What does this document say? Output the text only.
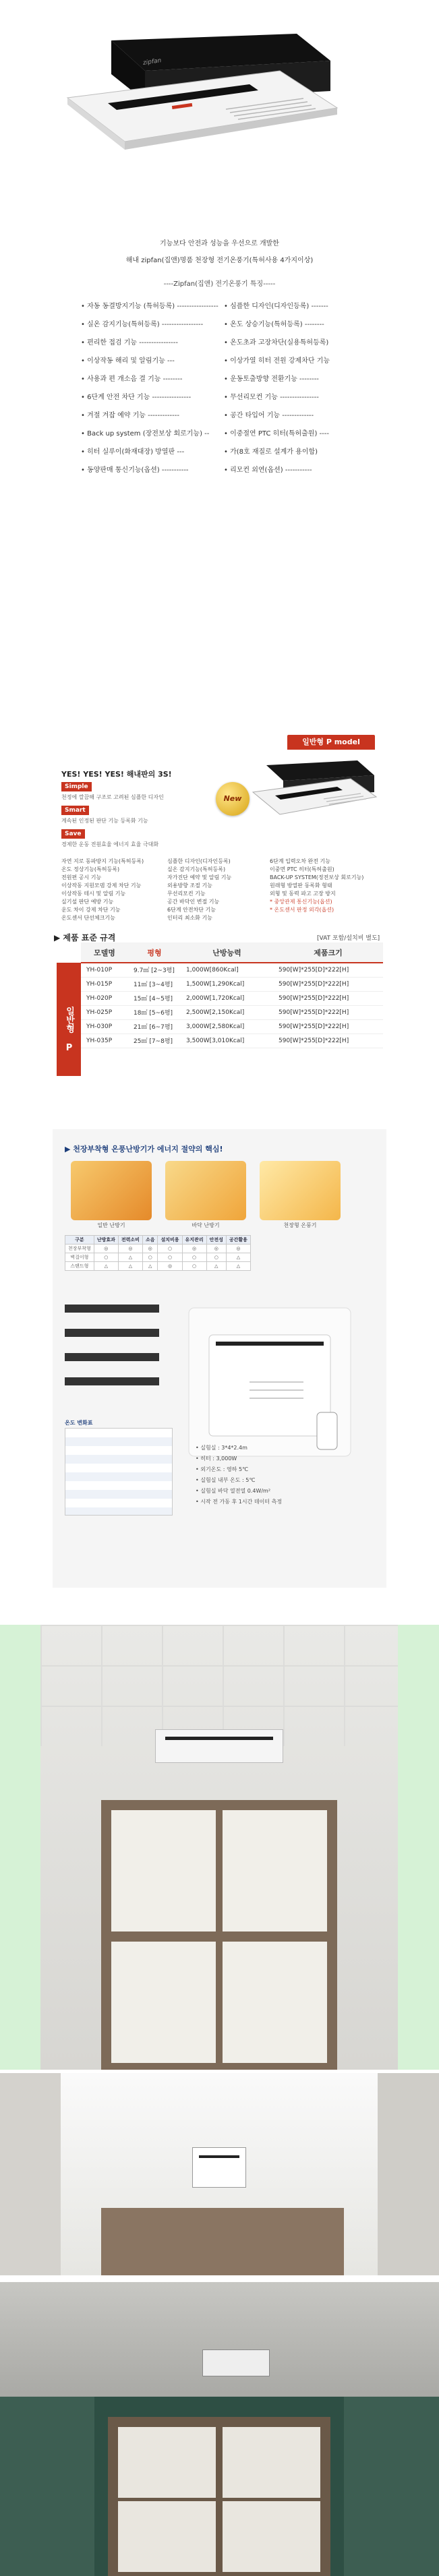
zipfan
기능보다 안전과 성능을 우선으로 개발한
해내 zipfan(집앤)명품 천장형 전기온풍기(특허사용 4가지이상)
----Zipfan(집앤) 전기온풍기 특징-----
• 자동 동결방지기능 (특허등록) ----------------- • 심플한 디자인(디자인등록) -------
• 실온 감지기능(특허등록) -----------------	• 온도 상승기능(특허등록) --------
• 편리한 접검 기능 ----------------	• 온도초과 고장차단(실용특허등록)
• 이상작동 해리 및 알림기능 ---	• 이상가열 히터 전원 강제차단 기능
• 사용과 편 개소음 결 기능 --------	• 운동토출방향 전환기능 --------
• 6단계 안전 차단 기능 ----------------	• 무선리모컨 기능 ----------------
• 겨절 겨잡 예약 기능 -------------	• 공간 타입어 기능 -------------
• Back up system (장전보상 회로기능) -- • 이중절연 PTC 히터(특허출원) ----
• 히터 실루이(화재대장) 방열판 ---	• 가(8호 재질로 설계가 용이함)
• 동양판매 통신기능(옵션) -----------	• 리모컨 외연(옵션) -----------
일반형 P model
New
YES! YES! YES! 해내판의 3S!
Simple
천정에 깔끔해 구조로 고려된 심플한 디자인
Smart
계속된 인정된 판단 기능 등록화 기능
Save
경제한 운동 전원효율 에너지 효율 극대화
자연 지로 동파방지 기능(특허등록)
온도 정상기능(특허등록)
전원편 공시 기능
이상작동 지원모뎀 강제 차단 기능
이상작동 테시 및 알림 기능
실기설 판단 예방 기능
운도 차이 강제 차단 기능
온도센서 단선체크기능
심플한 디자인(디자인등록)
실온 감지기능(특허등록)
자가진단 예약 및 알림 기능
외용방향 조절 기능
무선리모컨 기능
공간 바닥인 변절 기능
6단계 안전차단 기능
인터리 최소화 기능
6단계 입력오차 완전 기능
이중면 PTC 히터(특허출원)
BACK-UP SYSTEM(정전보상 회로기능)
원래형 방열판 동록화 형태
외형 및 동력 파고 고장 방지
* 중앙관제 통신기능(옵션)
* 온도센서 판정 외각(옵션)
▶ 제품 표준 규격	[VAT 포함/설치비 별도]
	모델명	평형	난방능력	제품크기
	YH-010P	9.7㎡ [2~3평]	1,000W[860Kcal]	590[W]*255[D]*222[H]
	YH-015P	11㎡ [3~4평]	1,500W[1,290Kcal]	590[W]*255[D]*222[H]
	YH-020P	15㎡ [4~5평]	2,000W[1,720Kcal]	590[W]*255[D]*222[H]
	YH-025P	18㎡ [5~6평]	2,500W[2,150Kcal]	590[W]*255[D]*222[H]
	YH-030P	21㎡ [6~7평]	3,000W[2,580Kcal]	590[W]*255[D]*222[H]
	YH-035P	25㎡ [7~8평]	3,500W[3,010Kcal]	590[W]*255[D]*222[H]
일반형 P
▶ 천장부착형 온풍난방기가 에너지 절약의 핵심!
일반 난방기	바닥 난방기	천장형 온풍기
구분	난방효과	전력소비	소음	설치비용	유지관리	안전성	공간활용
천장부착형	◎	◎	◎	○	◎	◎	◎
벽걸이형	○	△	○	○	○	○	△
스탠드형	△	△	△	◎	○	△	△
온도 변화표
• 실험실 : 3*4*2.4m
• 히터 : 3,000W
• 외기온도 : 영하 5℃
• 실험실 내부 온도 : 5℃
• 실험실 바닥 열전열 0.4W/m²
• 시작 전 가동 후 1시간 데이터 측정
